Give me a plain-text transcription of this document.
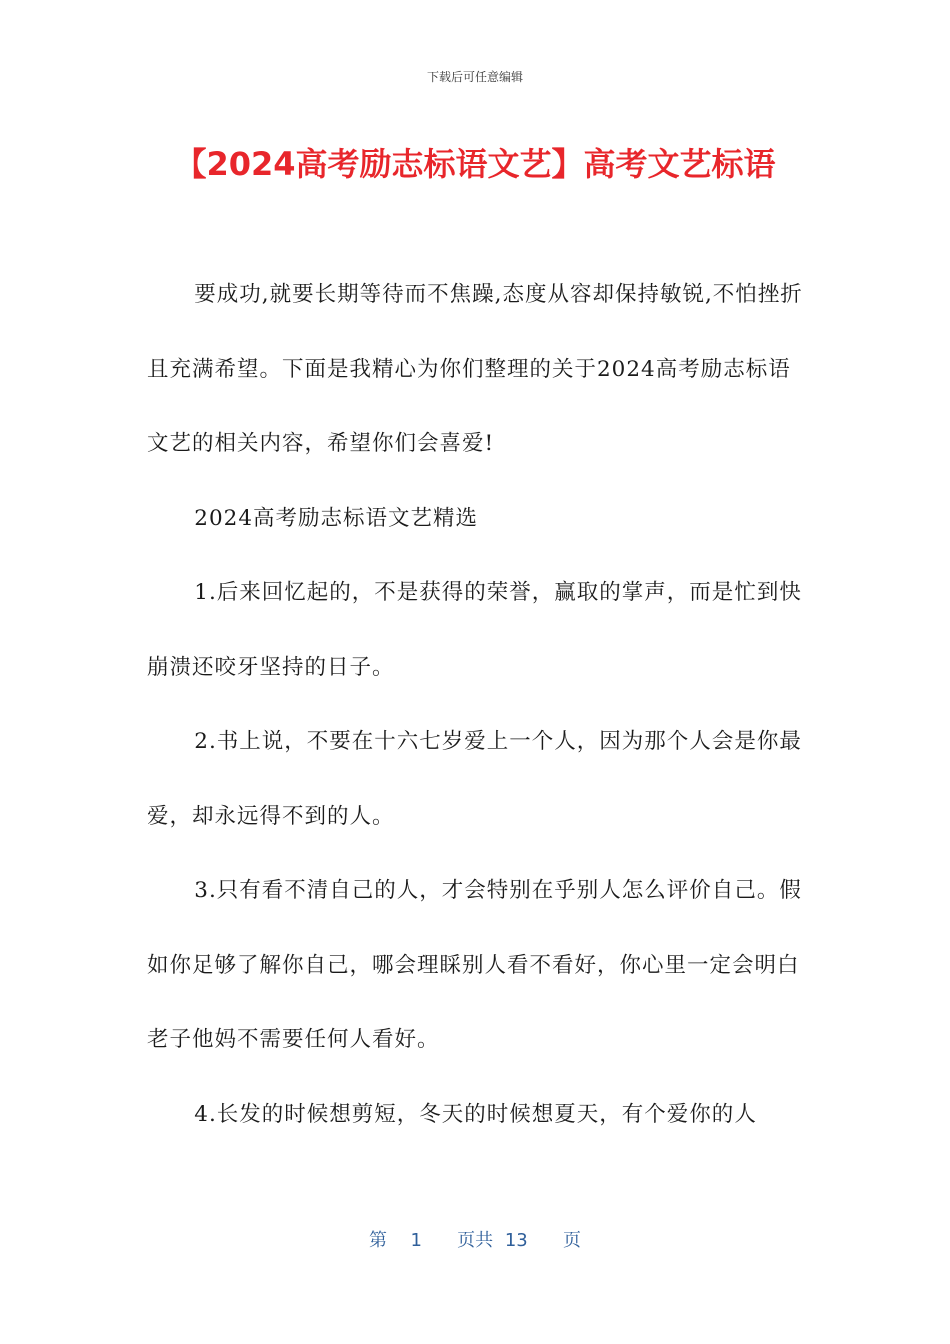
下载后可任意编辑
【2024高考励志标语文艺】高考文艺标语

要成功,就要长期等待而不焦躁,态度从容却保持敏锐,不怕挫折且充满希望。下面是我精心为你们整理的关于2024高考励志标语文艺的相关内容，希望你们会喜爱!

2024高考励志标语文艺精选

1.后来回忆起的，不是获得的荣誉，赢取的掌声，而是忙到快崩溃还咬牙坚持的日子。

2.书上说，不要在十六七岁爱上一个人，因为那个人会是你最爱，却永远得不到的人。

3.只有看不清自己的人，才会特别在乎别人怎么评价自己。假如你足够了解你自己，哪会理睬别人看不看好，你心里一定会明白老子他妈不需要任何人看好。

4.长发的时候想剪短，冬天的时候想夏天，有个爱你的人

第 1 页共 13 页
